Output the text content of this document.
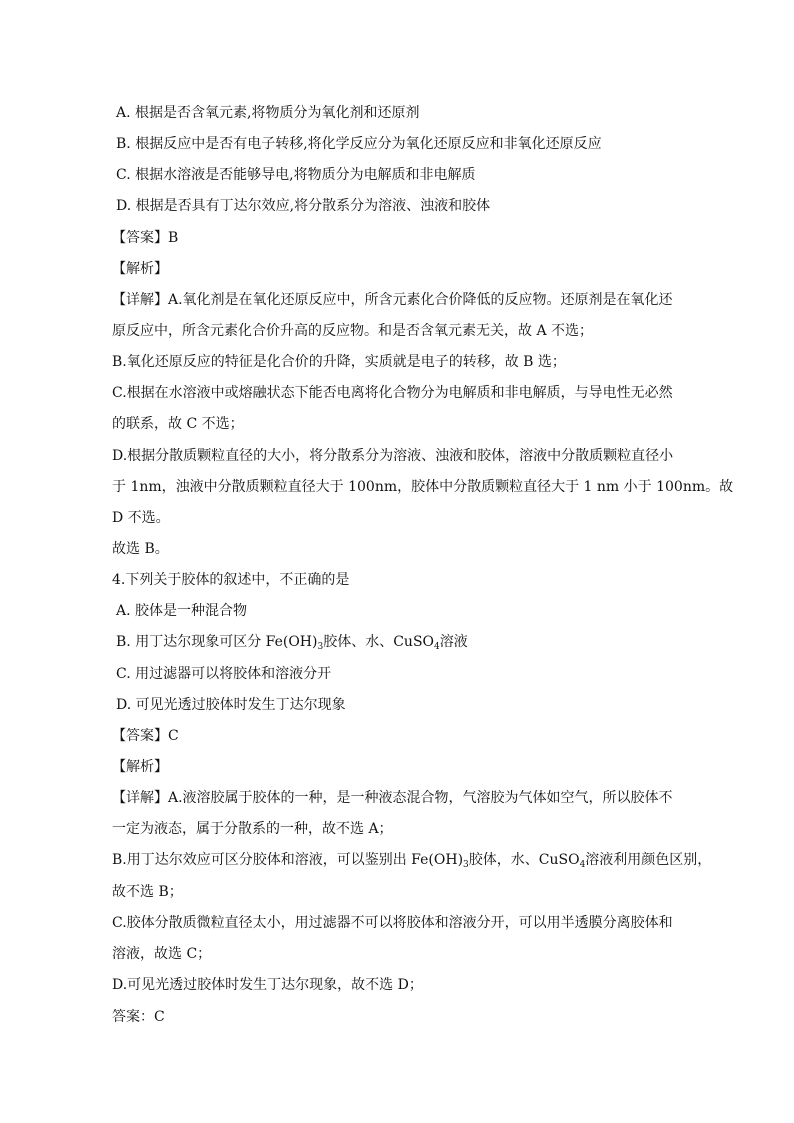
A. 根据是否含氧元素,将物质分为氧化剂和还原剂
B. 根据反应中是否有电子转移,将化学反应分为氧化还原反应和非氧化还原反应
C. 根据水溶液是否能够导电,将物质分为电解质和非电解质
D. 根据是否具有丁达尔效应,将分散系分为溶液、浊液和胶体
【答案】B
【解析】
【详解】A.氧化剂是在氧化还原反应中，所含元素化合价降低的反应物。还原剂是在氧化还
原反应中，所含元素化合价升高的反应物。和是否含氧元素无关，故 A 不选；
B.氧化还原反应的特征是化合价的升降，实质就是电子的转移，故 B 选；
C.根据在水溶液中或熔融状态下能否电离将化合物分为电解质和非电解质，与导电性无必然
的联系，故 C 不选；
D.根据分散质颗粒直径的大小，将分散系分为溶液、浊液和胶体，溶液中分散质颗粒直径小
于 1nm，浊液中分散质颗粒直径大于 100nm，胶体中分散质颗粒直径大于 1 nm 小于 100nm。故
D 不选。
故选 B。
4.下列关于胶体的叙述中，不正确的是
A. 胶体是一种混合物
B. 用丁达尔现象可区分 $Fe(OH)_3$胶体、水、CuSO$_4$溶液
C. 用过滤器可以将胶体和溶液分开
D. 可见光透过胶体时发生丁达尔现象
【答案】C
【解析】
【详解】A.液溶胶属于胶体的一种，是一种液态混合物，气溶胶为气体如空气，所以胶体不
一定为液态，属于分散系的一种，故不选 A；
B.用丁达尔效应可区分胶体和溶液，可以鉴别出 $Fe(OH)_3$胶体，水、CuSO$_4$溶液利用颜色区别，
故不选 B；
C.胶体分散质微粒直径太小，用过滤器不可以将胶体和溶液分开，可以用半透膜分离胶体和
溶液，故选 C；
D.可见光透过胶体时发生丁达尔现象，故不选 D；
答案：C
